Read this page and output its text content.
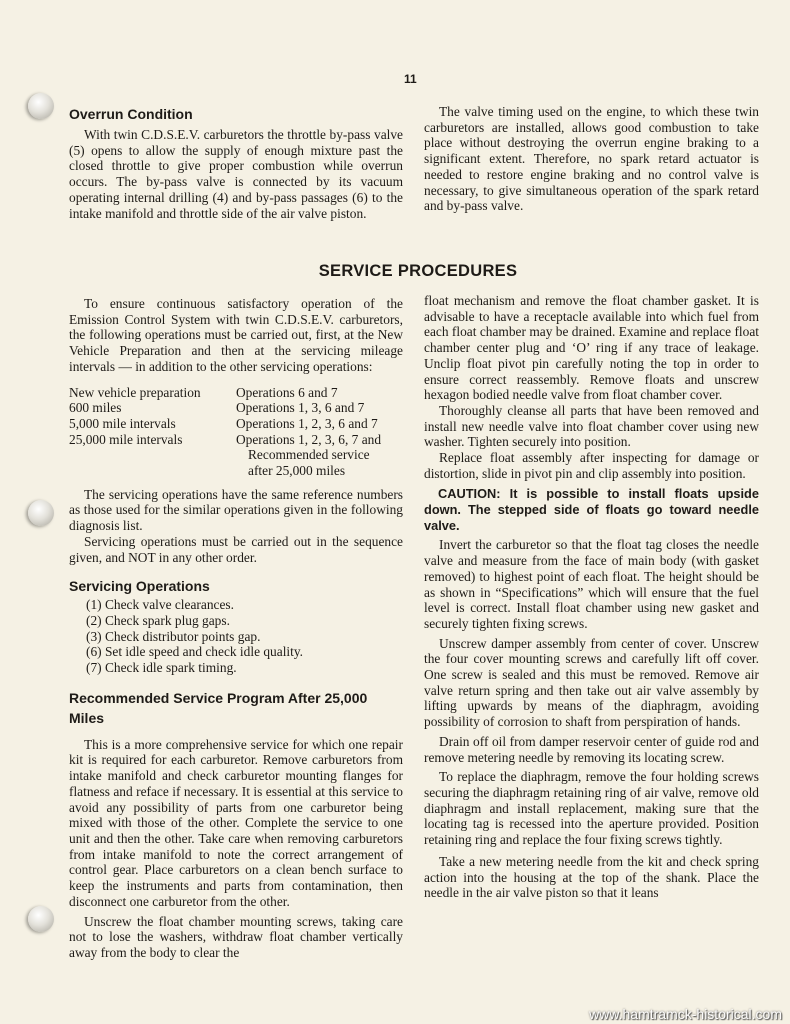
11
Overrun Condition

With twin C.D.S.E.V. carburetors the throttle by-pass valve (5) opens to allow the supply of enough mixture past the closed throttle to give proper combustion while overrun occurs. The by-pass valve is connected by its vacuum operating internal drilling (4) and by-pass passages (6) to the intake manifold and throttle side of the air valve piston.

The valve timing used on the engine, to which these twin carburetors are installed, allows good combustion to take place without destroying the overrun engine braking to a significant extent. Therefore, no spark retard actuator is needed to restore engine braking and no control valve is necessary, to give simultaneous operation of the spark retard and by-pass valve.

SERVICE PROCEDURES

To ensure continuous satisfactory operation of the Emission Control System with twin C.D.S.E.V. carburetors, the following operations must be carried out, first, at the New Vehicle Preparation and then at the servicing mileage intervals — in addition to the other servicing operations:

New vehicle preparation	Operations 6 and 7
600 miles	Operations 1, 3, 6 and 7
5,000 mile intervals	Operations 1, 2, 3, 6 and 7
25,000 mile intervals	Operations 1, 2, 3, 6, 7 and
Recommended service
after 25,000 miles

The servicing operations have the same reference numbers as those used for the similar operations given in the following diagnosis list.

Servicing operations must be carried out in the sequence given, and NOT in any other order.

Servicing Operations
(1) Check valve clearances.
(2) Check spark plug gaps.
(3) Check distributor points gap.
(6) Set idle speed and check idle quality.
(7) Check idle spark timing.
Recommended Service Program After 25,000 Miles

This is a more comprehensive service for which one repair kit is required for each carburetor. Remove carburetors from intake manifold and check carburetor mounting flanges for flatness and reface if necessary. It is essential at this service to avoid any possibility of parts from one carburetor being mixed with those of the other. Complete the service to one unit and then the other. Take care when removing carburetors from intake manifold to note the correct arrangement of control gear. Place carburetors on a clean bench surface to keep the instruments and parts from contamination, then disconnect one carburetor from the other.

Unscrew the float chamber mounting screws, taking care not to lose the washers, withdraw float chamber vertically away from the body to clear the

float mechanism and remove the float chamber gasket. It is advisable to have a receptacle available into which fuel from each float chamber may be drained. Examine and replace float chamber center plug and ‘O’ ring if any trace of leakage. Unclip float pivot pin carefully noting the top in order to ensure correct reassembly. Remove floats and unscrew hexagon bodied needle valve from float chamber cover.

Thoroughly cleanse all parts that have been removed and install new needle valve into float chamber cover using new washer. Tighten securely into position.

Replace float assembly after inspecting for damage or distortion, slide in pivot pin and clip assembly into position.

CAUTION: It is possible to install floats upside down. The stepped side of floats go toward needle valve.

Invert the carburetor so that the float tag closes the needle valve and measure from the face of main body (with gasket removed) to highest point of each float. The height should be as shown in “Specifications” which will ensure that the fuel level is correct. Install float chamber using new gasket and securely tighten fixing screws.

Unscrew damper assembly from center of cover. Unscrew the four cover mounting screws and carefully lift off cover. One screw is sealed and this must be removed. Remove air valve return spring and then take out air valve assembly by lifting upwards by means of the diaphragm, avoiding possibility of corrosion to shaft from perspiration of hands.

Drain off oil from damper reservoir center of guide rod and remove metering needle by removing its locating screw.

To replace the diaphragm, remove the four holding screws securing the diaphragm retaining ring of air valve, remove old diaphragm and install replacement, making sure that the locating tag is recessed into the aperture provided. Position retaining ring and replace the four fixing screws tightly.

Take a new metering needle from the kit and check spring action into the housing at the top of the shank. Place the needle in the air valve piston so that it leans

www.hamtramck-historical.com
